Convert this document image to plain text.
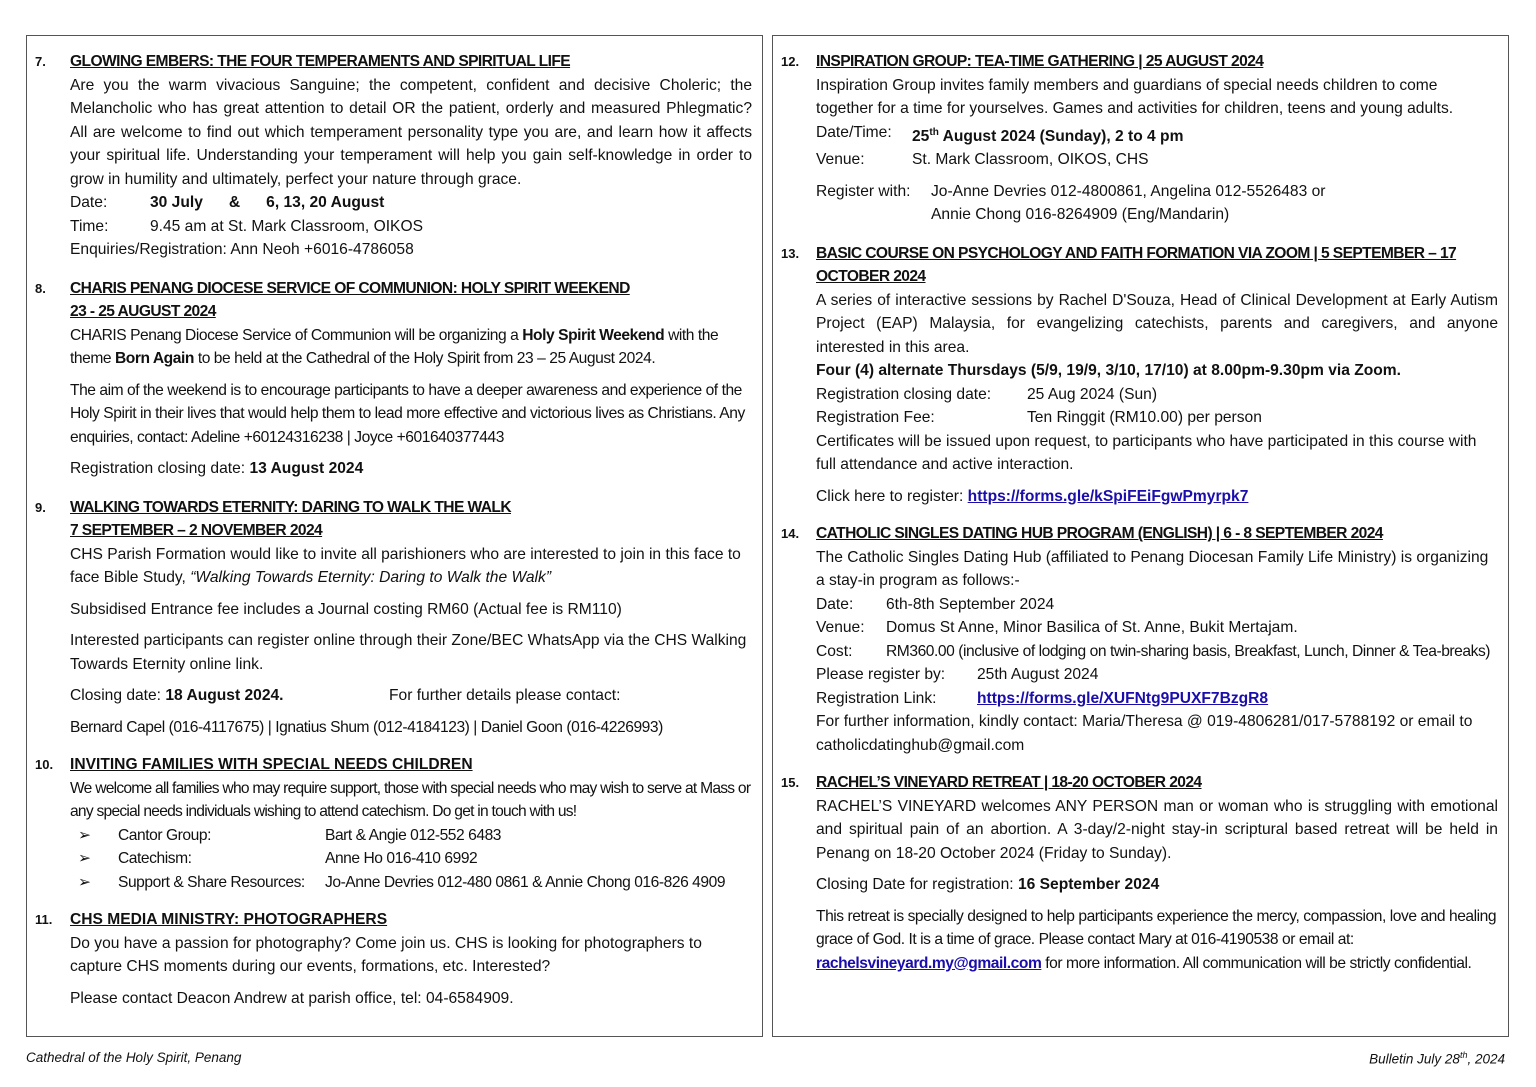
7. GLOWING EMBERS: THE FOUR TEMPERAMENTS AND SPIRITUAL LIFE

Are you the warm vivacious Sanguine; the competent, confident and decisive Choleric; the Melancholic who has great attention to detail OR the patient, orderly and measured Phlegmatic? All are welcome to find out which temperament personality type you are, and learn how it affects your spiritual life. Understanding your temperament will help you gain self-knowledge in order to grow in humility and ultimately, perfect your nature through grace.

Date:	30 July & 6, 13, 20 August
Time:	9.45 am at St. Mark Classroom, OIKOS

Enquiries/Registration: Ann Neoh +6016-4786058

8. CHARIS PENANG DIOCESE SERVICE OF COMMUNION: HOLY SPIRIT WEEKEND
23 - 25 AUGUST 2024

CHARIS Penang Diocese Service of Communion will be organizing a Holy Spirit Weekend with the theme Born Again to be held at the Cathedral of the Holy Spirit from 23 – 25 August 2024.

The aim of the weekend is to encourage participants to have a deeper awareness and experience of the Holy Spirit in their lives that would help them to lead more effective and victorious lives as Christians. Any enquiries, contact: Adeline +60124316238 | Joyce +601640377443

Registration closing date: 13 August 2024

9. WALKING TOWARDS ETERNITY: DARING TO WALK THE WALK
7 SEPTEMBER – 2 NOVEMBER 2024

CHS Parish Formation would like to invite all parishioners who are interested to join in this face to face Bible Study, “Walking Towards Eternity: Daring to Walk the Walk”

Subsidised Entrance fee includes a Journal costing RM60 (Actual fee is RM110)

Interested participants can register online through their Zone/BEC WhatsApp via the CHS Walking Towards Eternity online link.

Closing date: 18 August 2024.	For further details please contact:

Bernard Capel (016-4117675) | Ignatius Shum (012-4184123) | Daniel Goon (016-4226993)

10. INVITING FAMILIES WITH SPECIAL NEEDS CHILDREN

We welcome all families who may require support, those with special needs who may wish to serve at Mass or any special needs individuals wishing to attend catechism. Do get in touch with us!

➢	Cantor Group:	Bart & Angie 012-552 6483
➢	Catechism:	Anne Ho 016-410 6992
➢	Support & Share Resources:	Jo-Anne Devries 012-480 0861 & Annie Chong 016-826 4909
11. CHS MEDIA MINISTRY: PHOTOGRAPHERS

Do you have a passion for photography? Come join us. CHS is looking for photographers to capture CHS moments during our events, formations, etc. Interested?

Please contact Deacon Andrew at parish office, tel: 04-6584909.

12. INSPIRATION GROUP: TEA-TIME GATHERING | 25 AUGUST 2024

Inspiration Group invites family members and guardians of special needs children to come together for a time for yourselves. Games and activities for children, teens and young adults.

Date/Time:	25th August 2024 (Sunday), 2 to 4 pm
Venue:	St. Mark Classroom, OIKOS, CHS
Register with:	Jo-Anne Devries 012-4800861, Angelina 012-5526483 or
Annie Chong 016-8264909 (Eng/Mandarin)
13. BASIC COURSE ON PSYCHOLOGY AND FAITH FORMATION VIA ZOOM | 5 SEPTEMBER – 17 OCTOBER 2024

A series of interactive sessions by Rachel D'Souza, Head of Clinical Development at Early Autism Project (EAP) Malaysia, for evangelizing catechists, parents and caregivers, and anyone interested in this area.

Four (4) alternate Thursdays (5/9, 19/9, 3/10, 17/10) at 8.00pm-9.30pm via Zoom.

Registration closing date:	25 Aug 2024 (Sun)
Registration Fee:	Ten Ringgit (RM10.00) per person

Certificates will be issued upon request, to participants who have participated in this course with full attendance and active interaction.

Click here to register: https://forms.gle/kSpiFEiFgwPmyrpk7

14. CATHOLIC SINGLES DATING HUB PROGRAM (ENGLISH) | 6 - 8 SEPTEMBER 2024

The Catholic Singles Dating Hub (affiliated to Penang Diocesan Family Life Ministry) is organizing a stay-in program as follows:-

Date:	6th-8th September 2024
Venue:	Domus St Anne, Minor Basilica of St. Anne, Bukit Mertajam.
Cost:	RM360.00 (inclusive of lodging on twin-sharing basis, Breakfast, Lunch, Dinner & Tea-breaks)
Please register by:	25th August 2024
Registration Link:	https://forms.gle/XUFNtg9PUXF7BzgR8

For further information, kindly contact: Maria/Theresa @ 019-4806281/017-5788192 or email to catholicdatinghub@gmail.com

15. RACHEL’S VINEYARD RETREAT | 18-20 OCTOBER 2024

RACHEL’S VINEYARD welcomes ANY PERSON man or woman who is struggling with emotional and spiritual pain of an abortion. A 3-day/2-night stay-in scriptural based retreat will be held in Penang on 18-20 October 2024 (Friday to Sunday).

Closing Date for registration: 16 September 2024

This retreat is specially designed to help participants experience the mercy, compassion, love and healing grace of God. It is a time of grace. Please contact Mary at 016-4190538 or email at: rachelsvineyard.my@gmail.com for more information. All communication will be strictly confidential.

Cathedral of the Holy Spirit, Penang	Bulletin July 28th, 2024
